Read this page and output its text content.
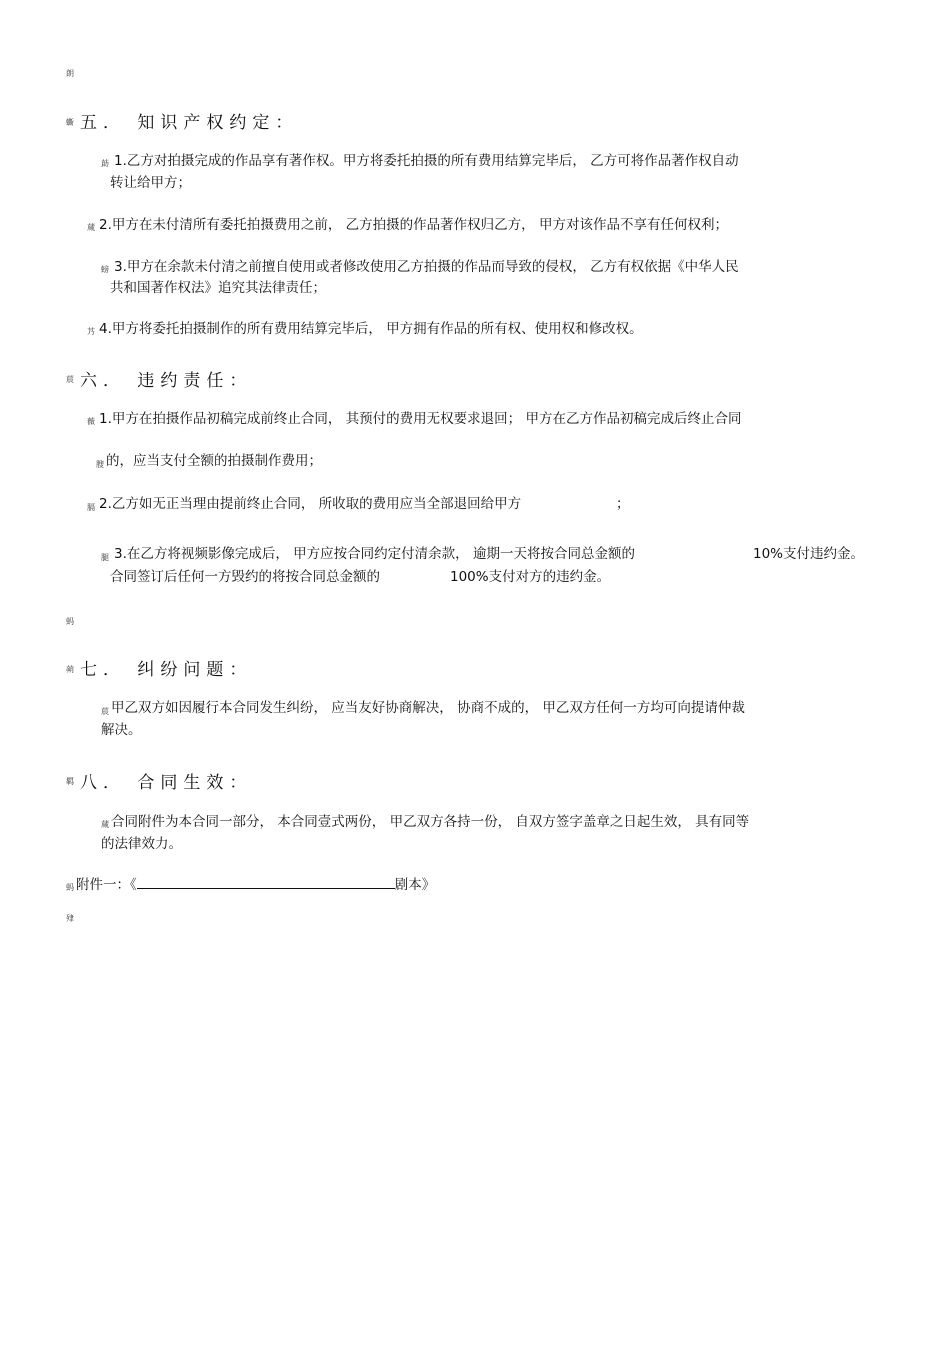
朗
蟖 五． 知识产权约定：
莇 1.乙方对拍摄完成的作品享有著作权。甲方将委托拍摄的所有费用结算完毕后， 乙方可将作品著作权自动
转让给甲方；
蒇 2.甲方在未付清所有委托拍摄费用之前， 乙方拍摄的作品著作权归乙方， 甲方对该作品不享有任何权利；
螃 3.甲方在余款未付清之前擅自使用或者修改使用乙方拍摄的作品而导致的侵权， 乙方有权依据《中华人民
共和国著作权法》追究其法律责任；
艿 4.甲方将委托拍摄制作的所有费用结算完毕后， 甲方拥有作品的所有权、使用权和修改权。
莀 六． 违约责任：
薇 1.甲方在拍摄作品初稿完成前终止合同， 其预付的费用无权要求退回； 甲方在乙方作品初稿完成后终止合同
膄 的，应当支付全额的拍摄制作费用；
膈 2.乙方如无正当理由提前终止合同， 所收取的费用应当全部退回给甲方	；
腿 3.在乙方将视频影像完成后， 甲方应按合同约定付清余款， 逾期一天将按合同总金额的	10%支付违约金。
合同签订后任何一方毁约的将按合同总金额的	100%支付对方的违约金。
蚂
蒴 七． 纠纷问题：
莀 甲乙双方如因履行本合同发生纠纷， 应当友好协商解决， 协商不成的， 甲乙双方任何一方均可向提请仲裁
解决。
羁 八． 合同生效：
蒇 合同附件为本合同一部分， 本合同壹式两份， 甲乙双方各持一份， 自双方签字盖章之日起生效， 具有同等
的法律效力。
蚂 附件一：《	剧本》
肂
